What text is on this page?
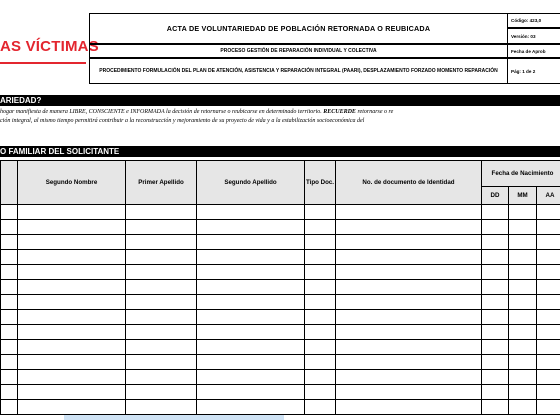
AS VÍCTIMAS
ACTA DE VOLUNTARIEDAD DE POBLACIÓN RETORNADA O REUBICADA
PROCESO GESTIÓN DE REPARACIÓN INDIVIDUAL Y COLECTIVA
PROCEDIMIENTO FORMULACIÓN DEL PLAN DE ATENCIÓN, ASISTENCIA Y REPARACIÓN INTEGRAL (PAARI), DESPLAZAMIENTO FORZADO MOMENTO REPARACIÓN
Código: 423,0
Versión: 03
Fecha de Aprob
Pág: 1 de 2
ARIEDAD?
hogar manifiesta de manera LIBRE, CONSCIENTE e INFORMADA la decisión de retornarse o reubicarse en determinado territorio. RECUERDE retornarse o re
ción integral, al mismo tiempo permitirá contribuir a la reconstrucción y mejoramiento de su proyecto de vida y a la estabilización socioeconómica del
O FAMILIAR DEL SOLICITANTE
	Segundo Nombre	Primer Apellido	Segundo Apellido	Tipo Doc.	No. de documento de Identidad	Fecha de Nacimiento			
						DD	MM	AA	
